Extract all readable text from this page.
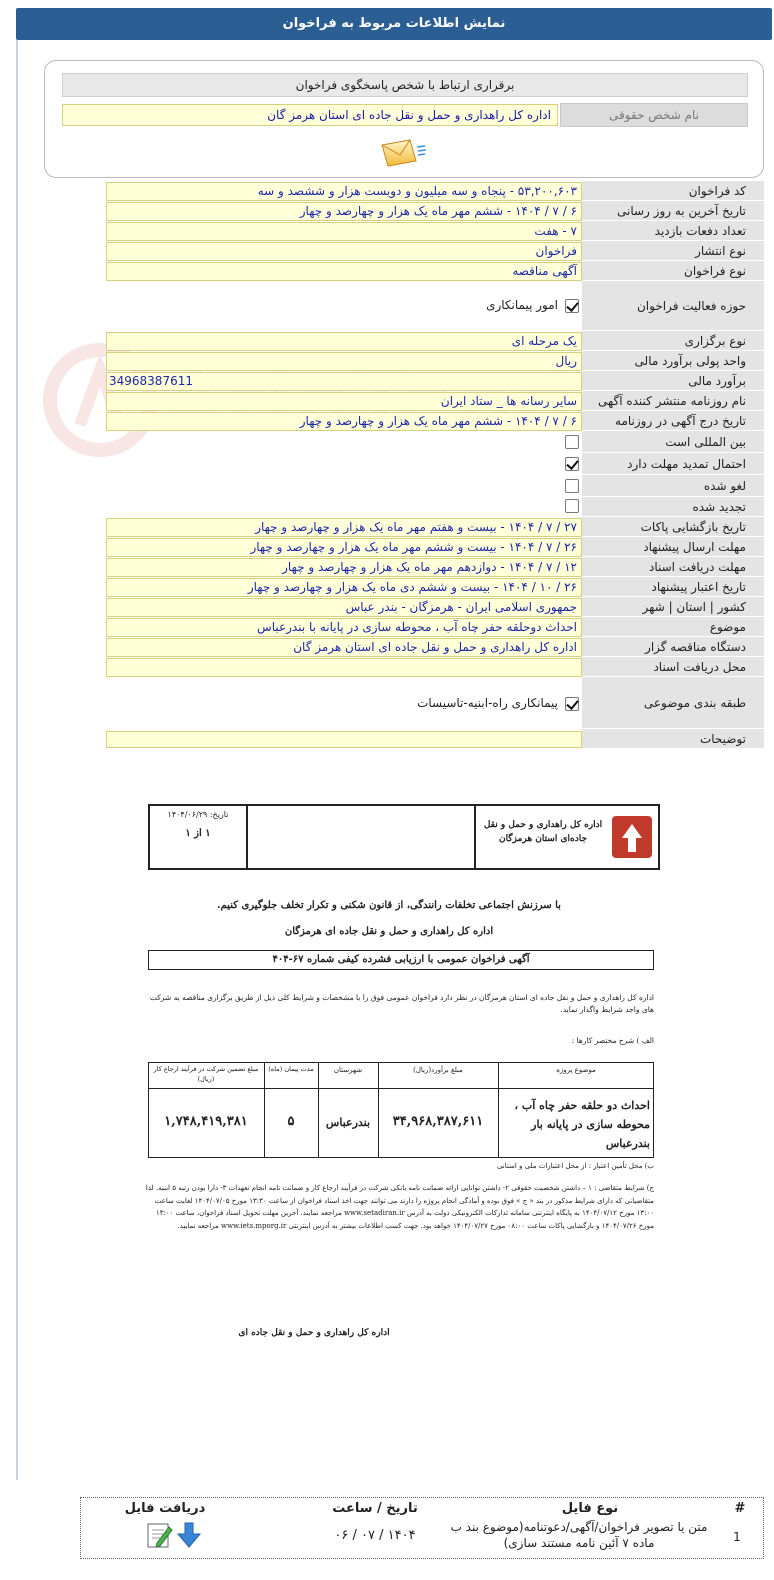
نمایش اطلاعات مربوط به فراخوان
برقراری ارتباط با شخص پاسخگوی فراخوان
نام شخص حقوقی
اداره کل راهداری و حمل و نقل جاده ای استان هرمز گان
کد فراخوان
۵۳,۲۰۰,۶۰۳ - پنجاه و سه میلیون و دویست هزار و ششصد و سه
تاریخ آخرین به روز رسانی
۶ / ۷ / ۱۴۰۴ - ششم مهر ماه یک هزار و چهارصد و چهار
تعداد دفعات بازدید
۷ - هفت
نوع انتشار
فراخوان
نوع فراخوان
آگهی مناقصه
حوزه فعالیت فراخوان
امور پیمانکاری
نوع برگزاری
یک مرحله ای
واحد پولی برآورد مالی
ریال
برآورد مالی
34968387611
نام روزنامه منتشر کننده آگهی
سایر رسانه ها _ ستاد ایران
تاریخ درج آگهی در روزنامه
۶ / ۷ / ۱۴۰۴ - ششم مهر ماه یک هزار و چهارصد و چهار
بین المللی است
احتمال تمدید مهلت دارد
لغو شده
تجدید شده
تاریخ بازگشایی پاکات
۲۷ / ۷ / ۱۴۰۴ - بیست و هفتم مهر ماه یک هزار و چهارصد و چهار
مهلت ارسال پیشنهاد
۲۶ / ۷ / ۱۴۰۴ - بیست و ششم مهر ماه یک هزار و چهارصد و چهار
مهلت دریافت اسناد
۱۲ / ۷ / ۱۴۰۴ - دوازدهم مهر ماه یک هزار و چهارصد و چهار
تاریخ اعتبار پیشنهاد
۲۶ / ۱۰ / ۱۴۰۴ - بیست و ششم دی ماه یک هزار و چهارصد و چهار
کشور | استان | شهر
جمهوری اسلامی ایران - هرمزگان - بندر عباس
موضوع
احداث دوحلقه حفر چاه آب ، محوطه سازی در پایانه با بندرعباس
دستگاه مناقصه گزار
اداره کل راهداری و حمل و نقل جاده ای استان هرمز گان
محل دریافت اسناد
طبقه بندی موضوعی
پیمانکاری راه-ابنیه-تاسیسات
توضیحات
اداره کل راهداری و حمل و نقل جاده‌ای استان هرمزگان
تاریخ: ۱۴۰۴/۰۶/۲۹
۱ از ۱
با سرزنش اجتماعی تخلفات رانندگی، از قانون شکنی و تکرار تخلف جلوگیری کنیم.
اداره کل راهداری و حمل و نقل جاده ای هرمزگان
آگهی فراخوان عمومی با ارزیابی فشرده کیفی شماره ۶۷-۴۰۴
اداره کل راهداری و حمل و نقل جاده ای استان هرمزگان در نظر دارد فراخوان عمومی فوق را با مشخصات و شرایط کلی ذیل از طریق برگزاری مناقصه به شرکت های واجد شرایط واگذار نماید.
الف ) شرح مختصر کارها :
موضوع پروژه
مبلغ برآورد(ریال)
شهرستان
مدت پیمان (ماه)
مبلغ تضمین شرکت در فرآیند ارجاع کار (ریال)
احداث دو حلقه حفر چاه آب ، محوطه سازی در پایانه بار بندرعباس
۳۴,۹۶۸,۳۸۷,۶۱۱
بندرعباس
۵
۱,۷۴۸,۴۱۹,۳۸۱
ب) محل تأمین اعتبار : از محل اعتبارات ملی و استانی
ج) شرایط متقاضی : ۱ – داشتن شخصیت حقوقی ۲- داشتن توانایی ارائه ضمانت نامه بانکی شرکت در فرآیند ارجاع کار و ضمانت نامه انجام تعهدات ۳- دارا بودن رتبه ۵ ابنیه. لذا متقاضیانی که دارای شرایط مذکور در بند « ج » فوق بوده و آمادگی انجام پروژه را دارند می توانند جهت اخذ اسناد فراخوان از ساعت ۱۳:۳۰ مورخ ۱۴۰۴/۰۷/۰۵ لغایت ساعت ۱۳:۰۰ مورخ ۱۴۰۴/۰۷/۱۲ به پایگاه اینترنتی سامانه تدارکات الکترونیکی دولت به آدرس www.setadiran.ir مراجعه نمایند. آخرین مهلت تحویل اسناد فراخوان، ساعت ۱۳:۰۰ مورخ ۱۴۰۴/۰۷/۲۶ و بازگشایی پاکات ساعت ۰۸:۰۰ مورخ ۱۴۰۴/۰۷/۲۷ خواهد بود. جهت کسب اطلاعات بیشتر به آدرس اینترنتی www.iets.mporg.ir مراجعه نمایید.
اداره کل راهداری و حمل و نقل جاده ای
#
نوع فایل
تاریخ / ساعت
دریافت فایل
1
متن یا تصویر فراخوان/آگهی/دعوتنامه(موضوع بند ب ماده ۷ آئین نامه مستند سازی)
۱۴۰۴ / ۰۷ / ۰۶
